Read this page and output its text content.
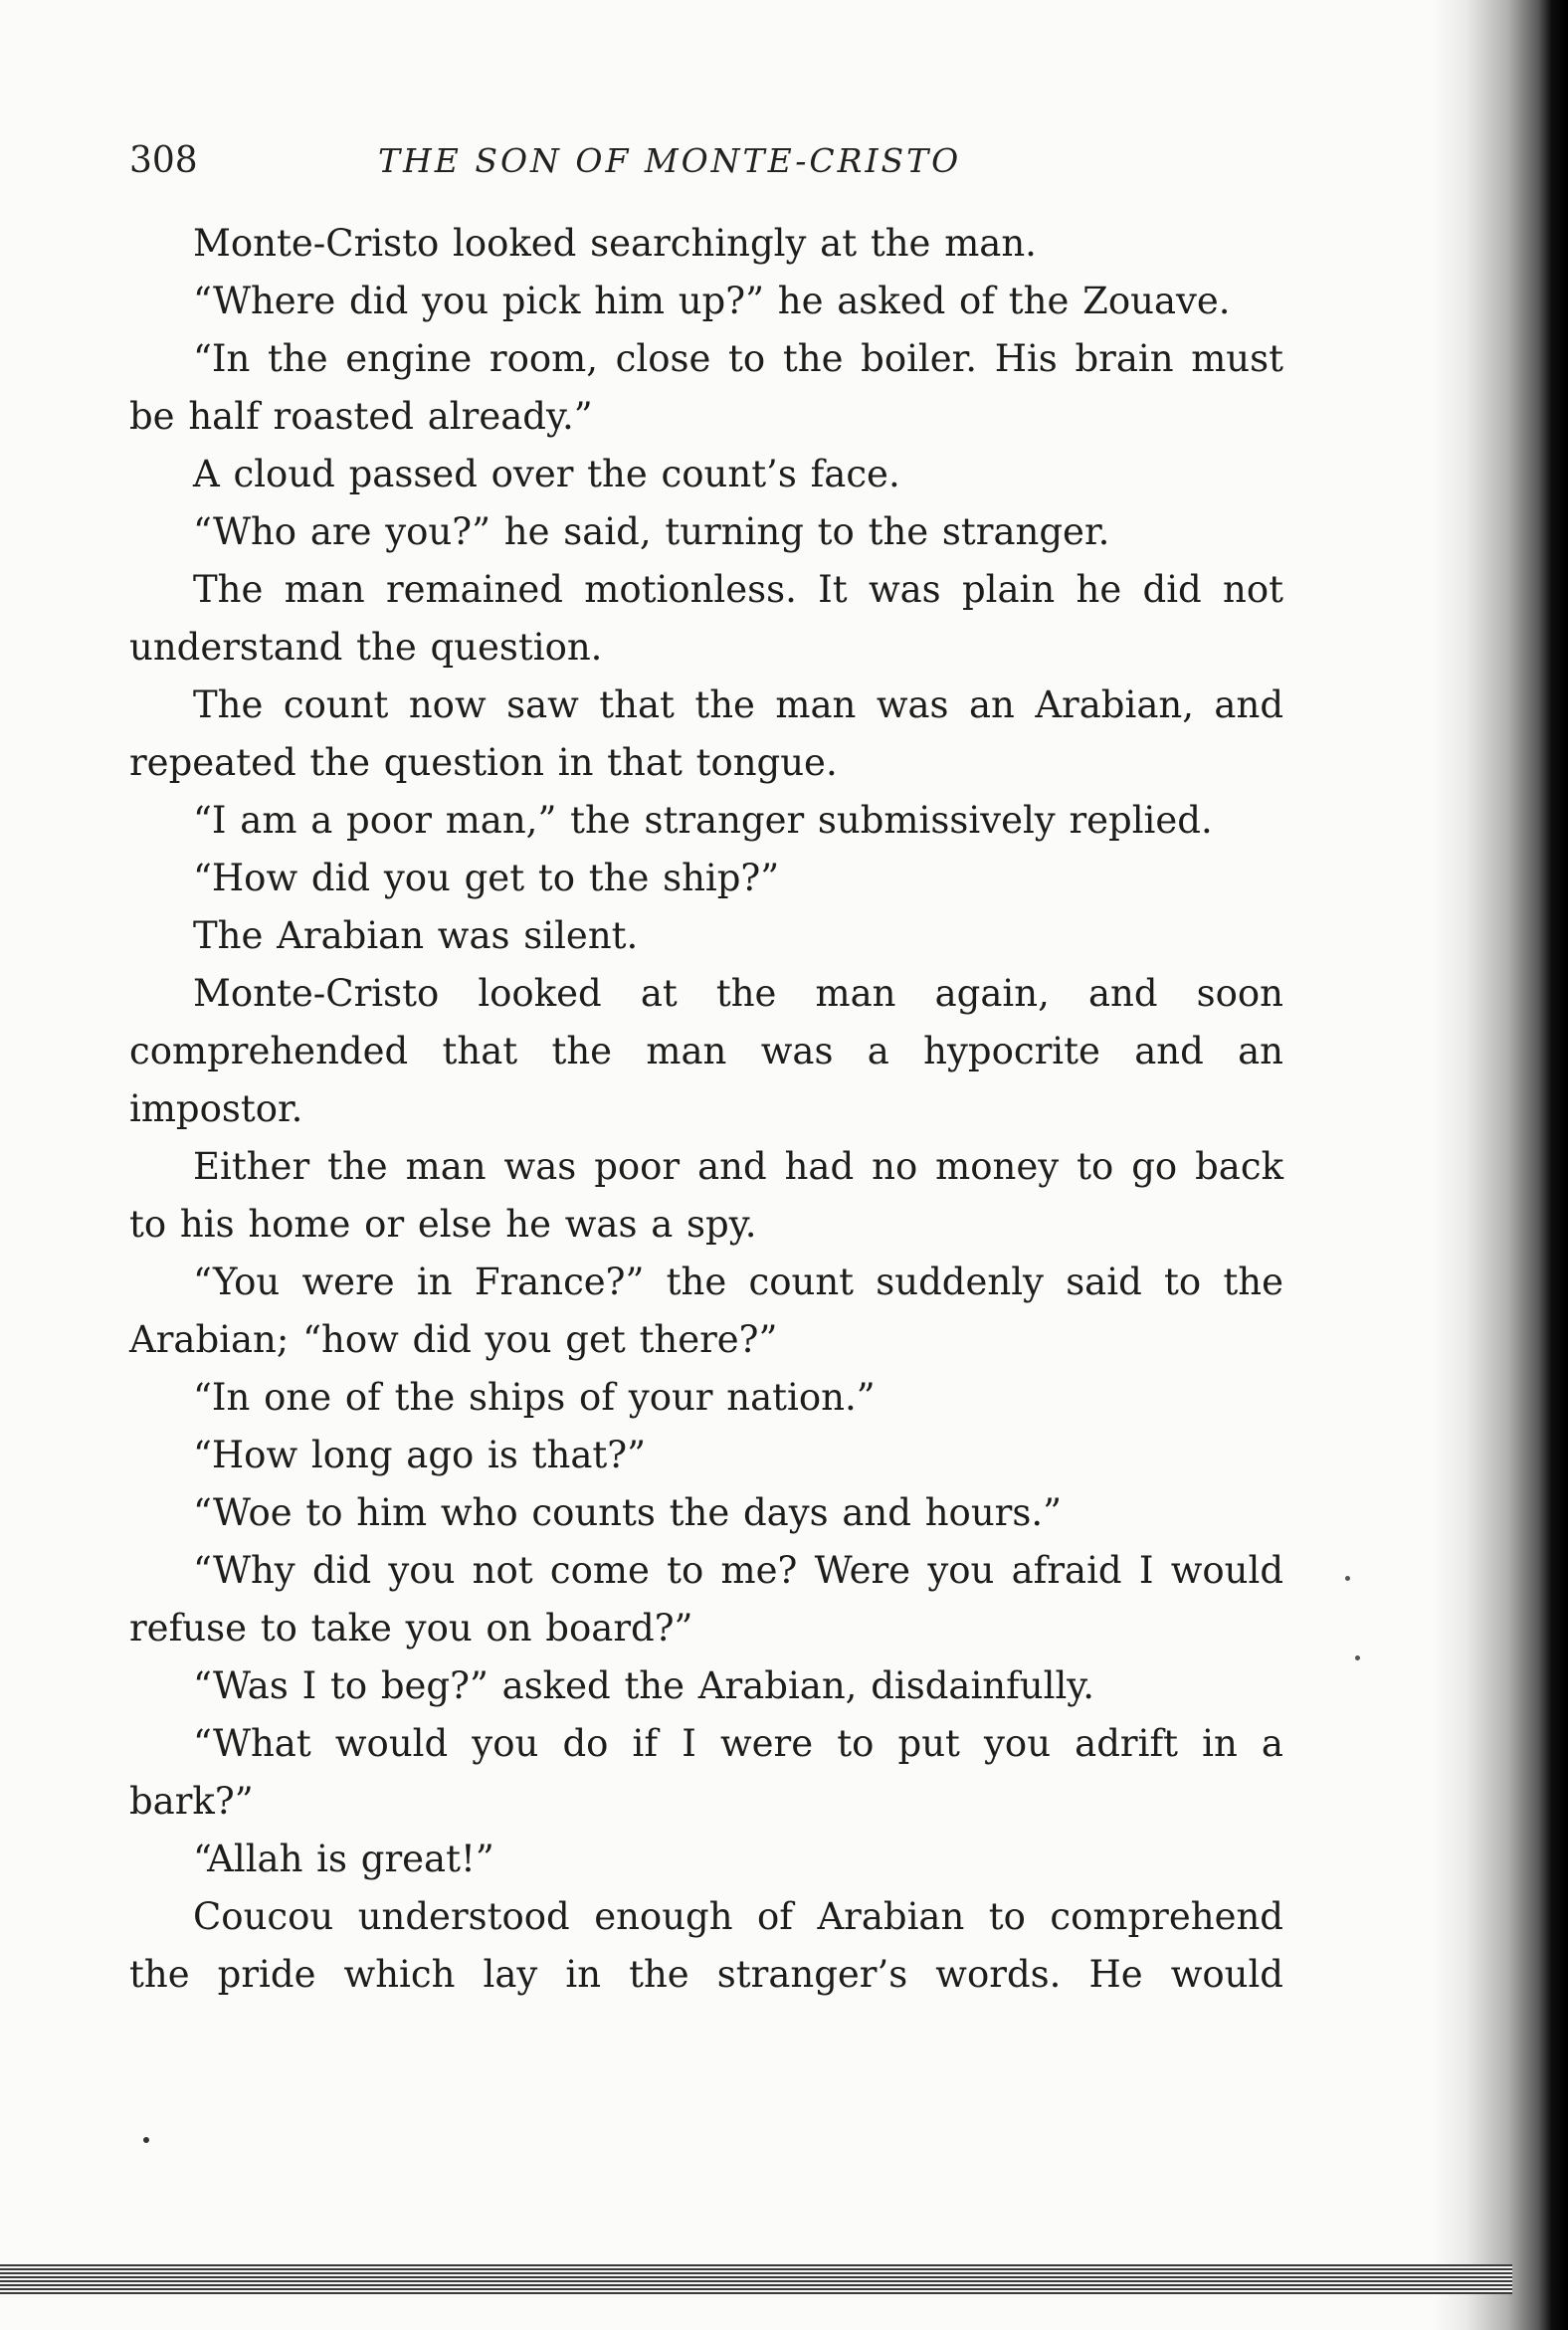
308	THE SON OF MONTE-CRISTO

Monte-Cristo looked searchingly at the man.

“Where did you pick him up?” he asked of the Zouave.

“In the engine room, close to the boiler. His brain must be half roasted already.”

A cloud passed over the count’s face.

“Who are you?” he said, turning to the stranger.

The man remained motionless. It was plain he did not understand the question.

The count now saw that the man was an Arabian, and repeated the question in that tongue.

“I am a poor man,” the stranger submissively replied.

“How did you get to the ship?”

The Arabian was silent.

Monte-Cristo looked at the man again, and soon comprehended that the man was a hypocrite and an impostor.

Either the man was poor and had no money to go back to his home or else he was a spy.

“You were in France?” the count suddenly said to the Arabian; “how did you get there?”

“In one of the ships of your nation.”

“How long ago is that?”

“Woe to him who counts the days and hours.”

“Why did you not come to me? Were you afraid I would refuse to take you on board?”

“Was I to beg?” asked the Arabian, disdainfully.

“What would you do if I were to put you adrift in a bark?”

“Allah is great!”

Coucou understood enough of Arabian to comprehend the pride which lay in the stranger’s words. He would
